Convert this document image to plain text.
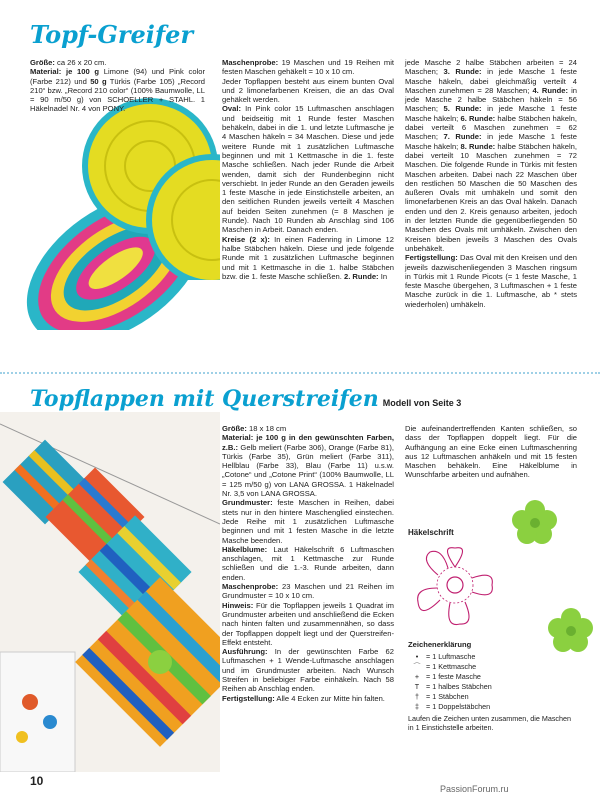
Topf-Greifer

Größe: ca 26 x 20 cm.

Material: je 100 g Limone (94) und Pink color (Farbe 212) und 50 g Türkis (Farbe 105) „Record 210“ bzw. „Record 210 color“ (100% Baumwolle, LL = 90 m/50 g) von SCHOELLER + STAHL. 1 Häkelnadel Nr. 4 von PONY.

Maschenprobe: 19 Maschen und 19 Reihen mit festen Maschen gehäkelt = 10 x 10 cm.

Jeder Topflappen besteht aus einem bunten Oval und 2 limonefarbenen Kreisen, die an das Oval gehäkelt werden.

Oval: In Pink color 15 Luftmaschen anschlagen und beidseitig mit 1 Runde fester Maschen behäkeln, dabei in die 1. und letzte Luftmasche je 4 Maschen häkeln = 34 Maschen. Diese und jede weitere Runde mit 1 zusätzlichen Luftmasche beginnen und mit 1 Kettmasche in die 1. feste Masche schließen. Nach jeder Runde die Arbeit wenden, damit sich der Rundenbeginn nicht verschiebt. In jeder Runde an den Geraden jeweils 1 feste Masche in jede Einstichstelle arbeiten, an den seitlichen Runden jeweils verteilt 4 Maschen auf beiden Seiten zunehmen (= 8 Maschen je Runde). Nach 10 Runden ab Anschlag sind 106 Maschen in Arbeit. Danach enden.

Kreise (2 x): In einen Fadenring in Limone 12 halbe Stäbchen häkeln. Diese und jede folgende Runde mit 1 zusätzlichen Luftmasche beginnen und mit 1 Kettmasche in die 1. halbe Stäbchen bzw. die 1. feste Masche schließen. 2. Runde: In

jede Masche 2 halbe Stäbchen arbeiten = 24 Maschen; 3. Runde: in jede Masche 1 feste Masche häkeln, dabei gleichmäßig verteilt 4 Maschen zunehmen = 28 Maschen; 4. Runde: in jede Masche 2 halbe Stäbchen häkeln = 56 Maschen; 5. Runde: in jede Masche 1 feste Masche häkeln; 6. Runde: halbe Stäbchen häkeln, dabei verteilt 6 Maschen zunehmen = 62 Maschen; 7. Runde: in jede Masche 1 feste Masche häkeln; 8. Runde: halbe Stäbchen häkeln, dabei verteilt 10 Maschen zunehmen = 72 Maschen. Die folgende Runde in Türkis mit festen Maschen arbeiten. Dabei nach 22 Maschen über den restlichen 50 Maschen die 50 Maschen des äußeren Ovals mit umhäkeln und somit den limonefarbenen Kreis an das Oval häkeln. Danach enden und den 2. Kreis genauso arbeiten, jedoch in der letzten Runde die gegenüberliegenden 50 Maschen des Ovals mit umhäkeln. Zwischen den Kreisen bleiben jeweils 3 Maschen des Ovals unbehäkelt.

Fertigstellung: Das Oval mit den Kreisen und den jeweils dazwischenliegenden 3 Maschen ringsum in Türkis mit 1 Runde Picots (= 1 feste Masche, 1 feste Masche übergehen, 3 Luftmaschen + 1 feste Masche zurück in die 1. Luftmasche, ab * stets wiederholen) umhäkeln.

Topflappen mit Querstreifen Modell von Seite 3

Größe: 18 x 18 cm

Material: je 100 g in den gewünschten Farben, z.B.: Gelb meliert (Farbe 306), Orange (Farbe 81), Türkis (Farbe 35), Grün meliert (Farbe 311), Hellblau (Farbe 33), Blau (Farbe 11) u.s.w. „Cotone“ und „Cotone Print“ (100% Baumwolle, LL = 125 m/50 g) von LANA GROSSA. 1 Häkelnadel Nr. 3,5 von LANA GROSSA.

Grundmuster: feste Maschen in Reihen, dabei stets nur in den hintere Maschenglied einstechen. Jede Reihe mit 1 zusätzlichen Luftmasche beginnen und mit 1 festen Masche in die letzte Masche beenden.

Häkelblume: Laut Häkelschrift 6 Luftmaschen anschlagen, mit 1 Kettmasche zur Runde schließen und die 1.-3. Runde arbeiten, dann enden.

Maschenprobe: 23 Maschen und 21 Reihen im Grundmuster = 10 x 10 cm.

Hinweis: Für die Topflappen jeweils 1 Quadrat im Grundmuster arbeiten und anschließend die Ecken nach hinten falten und zusammennähen, so dass der Topflappen doppelt liegt und der Querstreifen-Effekt entsteht.

Ausführung: In der gewünschten Farbe 62 Luftmaschen + 1 Wende-Luftmasche anschlagen und im Grundmuster arbeiten. Nach Wunsch Streifen in beliebiger Farbe einhäkeln. Nach 58 Reihen ab Anschlag enden.

Fertigstellung: Alle 4 Ecken zur Mitte hin falten.

Die aufeinandertreffenden Kanten schließen, so dass der Topflappen doppelt liegt. Für die Aufhängung an eine Ecke einen Luftmaschenring aus 12 Luftmaschen anhäkeln und mit 15 festen Maschen behäkeln. Eine Häkelblume in Wunschfarbe arbeiten und aufnähen.

Häkelschrift
Zeichenerklärung
• = 1 Luftmasche
⌒ = 1 Kettmasche
+ = 1 feste Masche
T = 1 halbes Stäbchen
† = 1 Stäbchen
‡ = 1 Doppelstäbchen
Laufen die Zeichen unten zusammen, die Maschen in 1 Einstichstelle arbeiten.
10
PassionForum.ru
